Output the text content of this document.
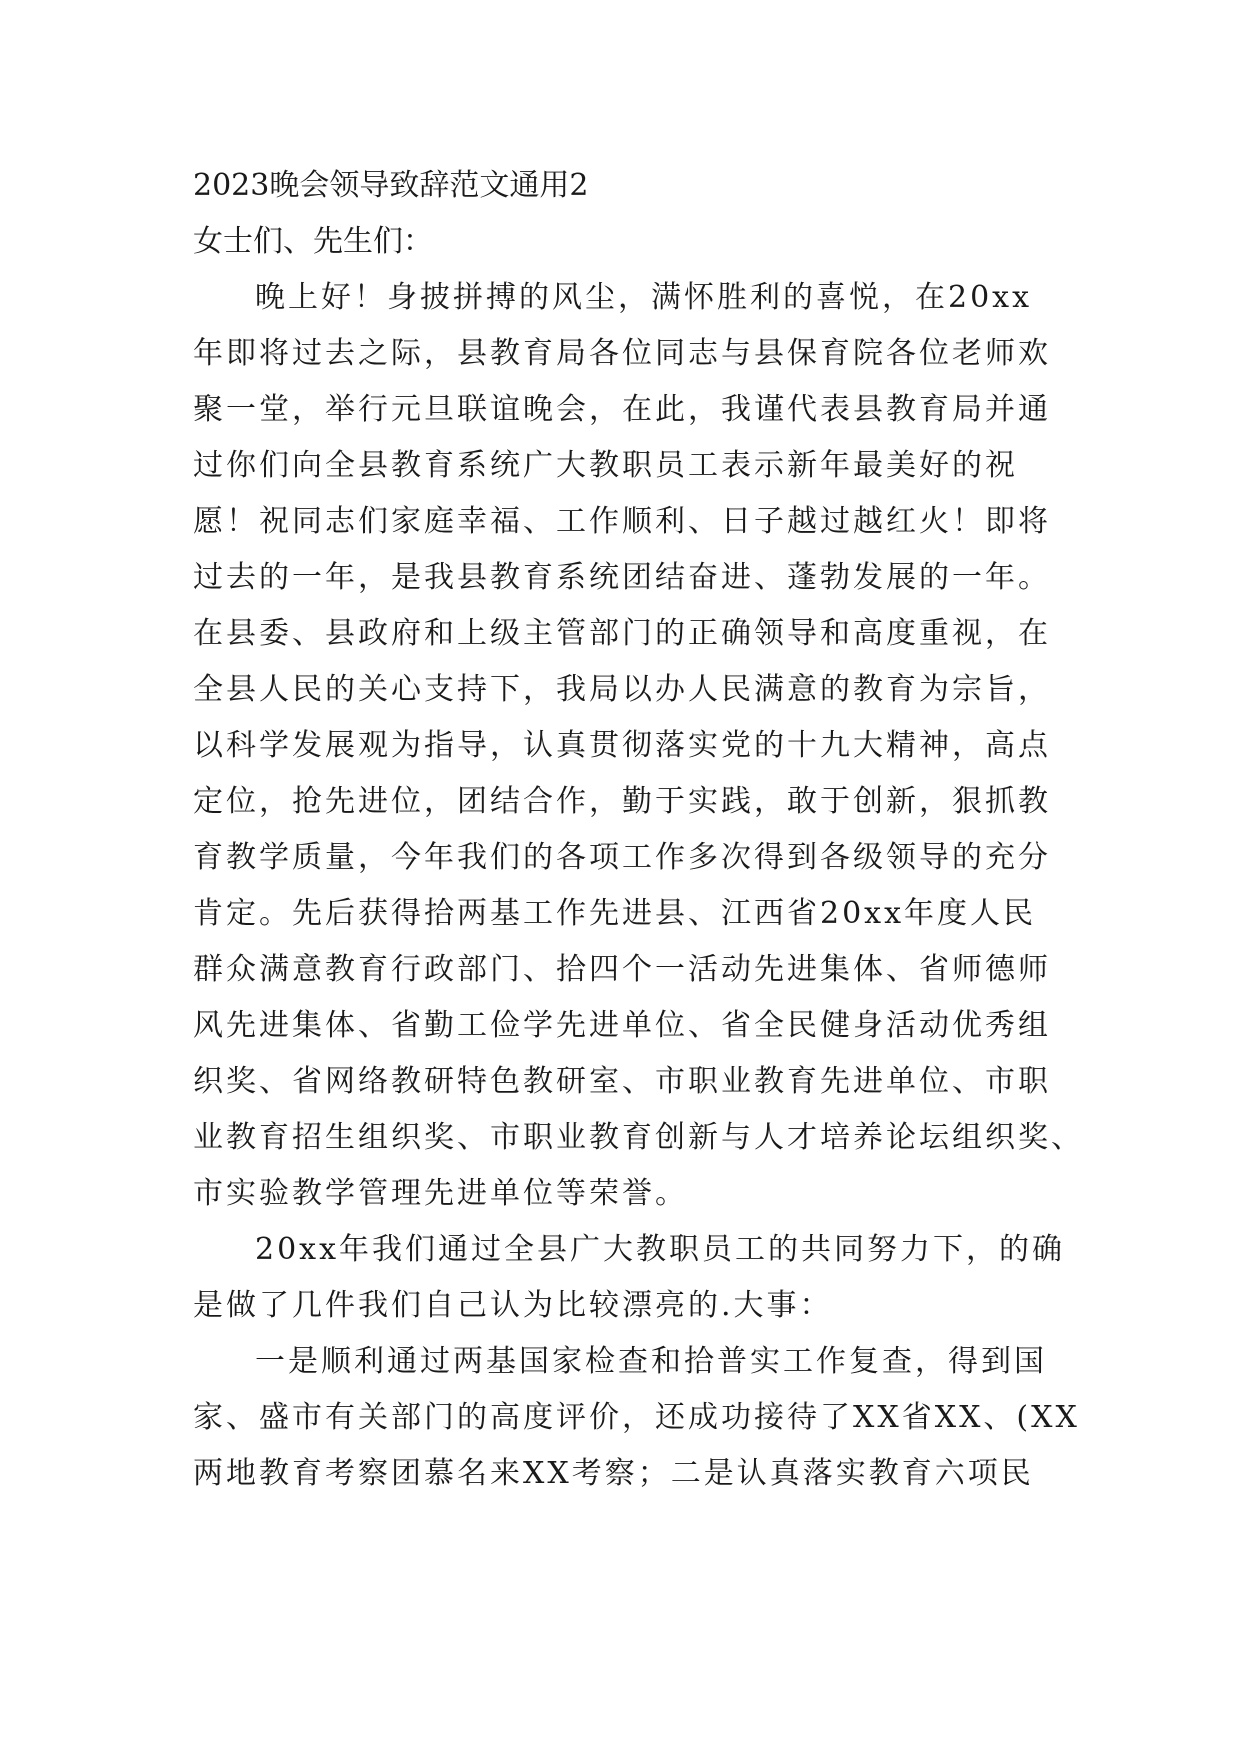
2023晚会领导致辞范文通用2
女士们、先生们：
晚上好！身披拼搏的风尘，满怀胜利的喜悦，在20xx
年即将过去之际，县教育局各位同志与县保育院各位老师欢
聚一堂，举行元旦联谊晚会，在此，我谨代表县教育局并通
过你们向全县教育系统广大教职员工表示新年最美好的祝
愿！祝同志们家庭幸福、工作顺利、日子越过越红火！即将
过去的一年，是我县教育系统团结奋进、蓬勃发展的一年。
在县委、县政府和上级主管部门的正确领导和高度重视，在
全县人民的关心支持下，我局以办人民满意的教育为宗旨，
以科学发展观为指导，认真贯彻落实党的十九大精神，高点
定位，抢先进位，团结合作，勤于实践，敢于创新，狠抓教
育教学质量，今年我们的各项工作多次得到各级领导的充分
肯定。先后获得拾两基工作先进县、江西省20xx年度人民
群众满意教育行政部门、拾四个一活动先进集体、省师德师
风先进集体、省勤工俭学先进单位、省全民健身活动优秀组
织奖、省网络教研特色教研室、市职业教育先进单位、市职
业教育招生组织奖、市职业教育创新与人才培养论坛组织奖、
市实验教学管理先进单位等荣誉。
20xx年我们通过全县广大教职员工的共同努力下，的确
是做了几件我们自己认为比较漂亮的.大事：
一是顺利通过两基国家检查和拾普实工作复查，得到国
家、盛市有关部门的高度评价，还成功接待了XX省XX、(XX
两地教育考察团慕名来XX考察；二是认真落实教育六项民
